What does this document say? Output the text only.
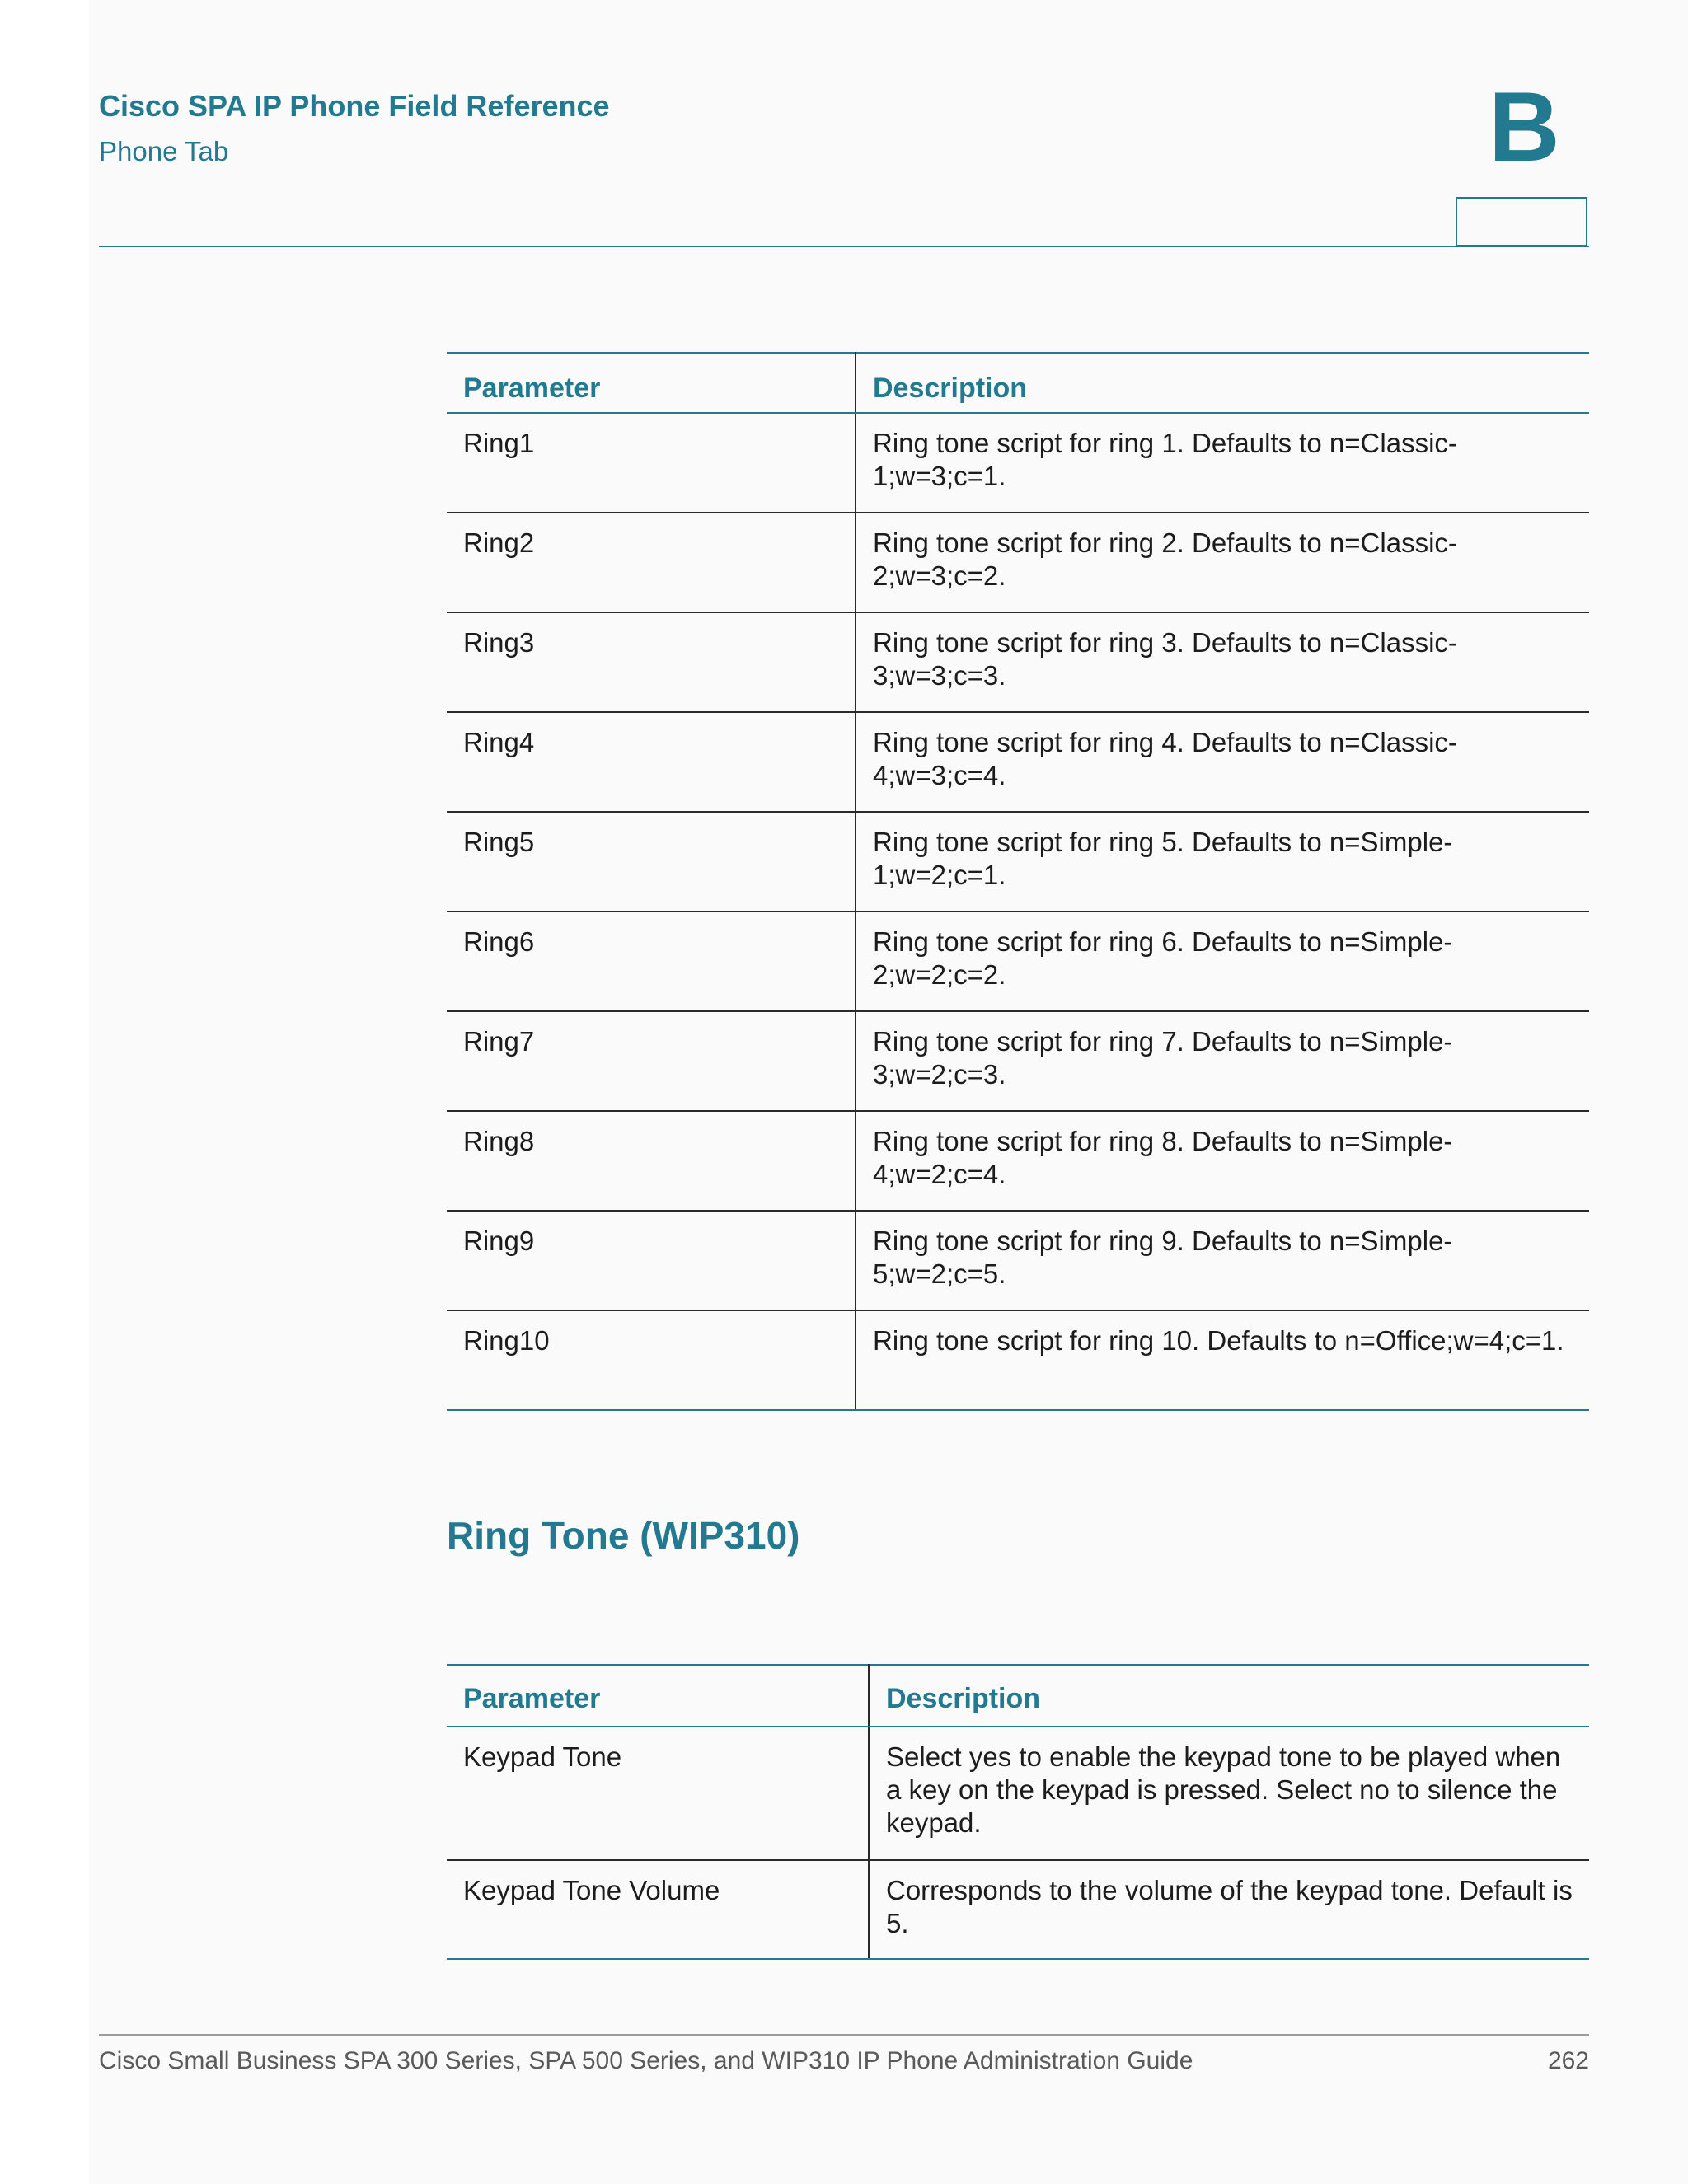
Cisco SPA IP Phone Field Reference
Phone Tab	B
Parameter	Description
Ring1	Ring tone script for ring 1. Defaults to n=Classic-1;w=3;c=1.
Ring2	Ring tone script for ring 2. Defaults to n=Classic-2;w=3;c=2.
Ring3	Ring tone script for ring 3. Defaults to n=Classic-3;w=3;c=3.
Ring4	Ring tone script for ring 4. Defaults to n=Classic-4;w=3;c=4.
Ring5	Ring tone script for ring 5. Defaults to n=Simple-1;w=2;c=1.
Ring6	Ring tone script for ring 6. Defaults to n=Simple-2;w=2;c=2.
Ring7	Ring tone script for ring 7. Defaults to n=Simple-3;w=2;c=3.
Ring8	Ring tone script for ring 8. Defaults to n=Simple-4;w=2;c=4.
Ring9	Ring tone script for ring 9. Defaults to n=Simple-5;w=2;c=5.
Ring10	Ring tone script for ring 10. Defaults to n=Office;w=4;c=1.
Ring Tone (WIP310)
Parameter	Description
Keypad Tone	Select yes to enable the keypad tone to be played when a key on the keypad is pressed. Select no to silence the keypad.
Keypad Tone Volume	Corresponds to the volume of the keypad tone. Default is 5.
Cisco Small Business SPA 300 Series, SPA 500 Series, and WIP310 IP Phone Administration Guide	262
